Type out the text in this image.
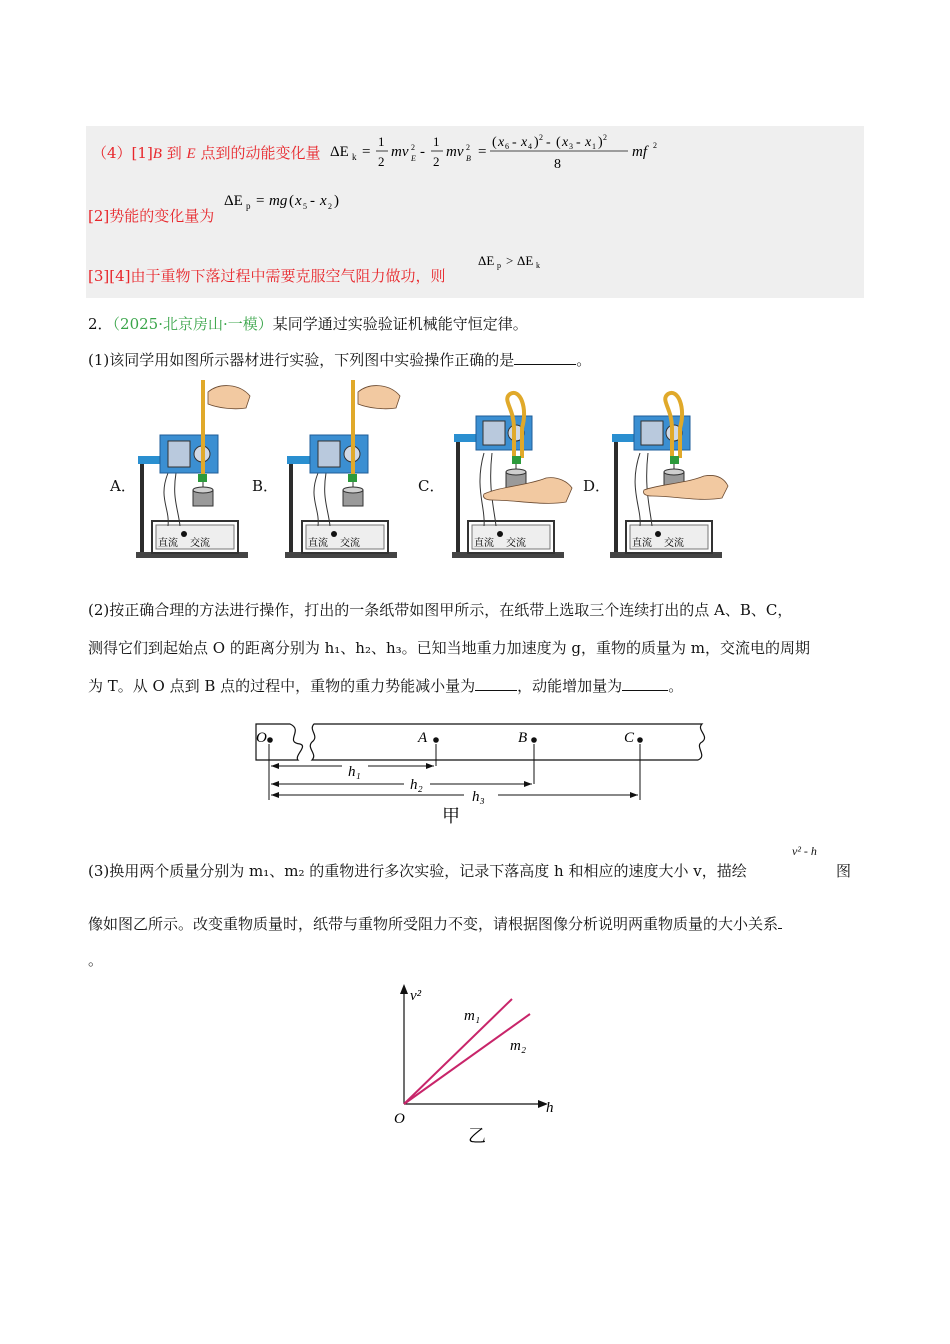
（4）[1]B 到 E 点到的动能变化量 ΔE k =
1
2
mv 2
E -
1
2
mv 2
B =
( x 6 - x 4 ) 2 - ( x 3 - x 1 ) 2
8
mf 2
[2]势能的变化量为
ΔE p = mg ( x 5 - x 2 )
[3][4]由于重物下落过程中需要克服空气阻力做功，则
ΔE p > ΔE k
2．（2025·北京房山·一模）某同学通过实验验证机械能守恒定律。
(1)该同学用如图所示器材进行实验，下列图中实验操作正确的是	。
A．	B．	C．	D．
直流 交流	直流 交流	直流 交流	直流 交流
(2)按正确合理的方法进行操作，打出的一条纸带如图甲所示，在纸带上选取三个连续打出的点 A、B、C，
测得它们到起始点 O 的距离分别为 h₁、h₂、h₃。已知当地重力加速度为 g，重物的质量为 m，交流电的周期
为 T。从 O 点到 B 点的过程中，重物的重力势能减小量为	，动能增加量为	。
O	A	B	C
h₁
h₂
h₃
甲
(3)换用两个质量分别为 m₁、m₂ 的重物进行多次实验，记录下落高度 h 和相应的速度大小 v，描绘
v² - h
图
像如图乙所示。改变重物质量时，纸带与重物所受阻力不变，请根据图像分析说明两重物质量的大小关系
。
v²
h
O
m₁
m₂
乙
